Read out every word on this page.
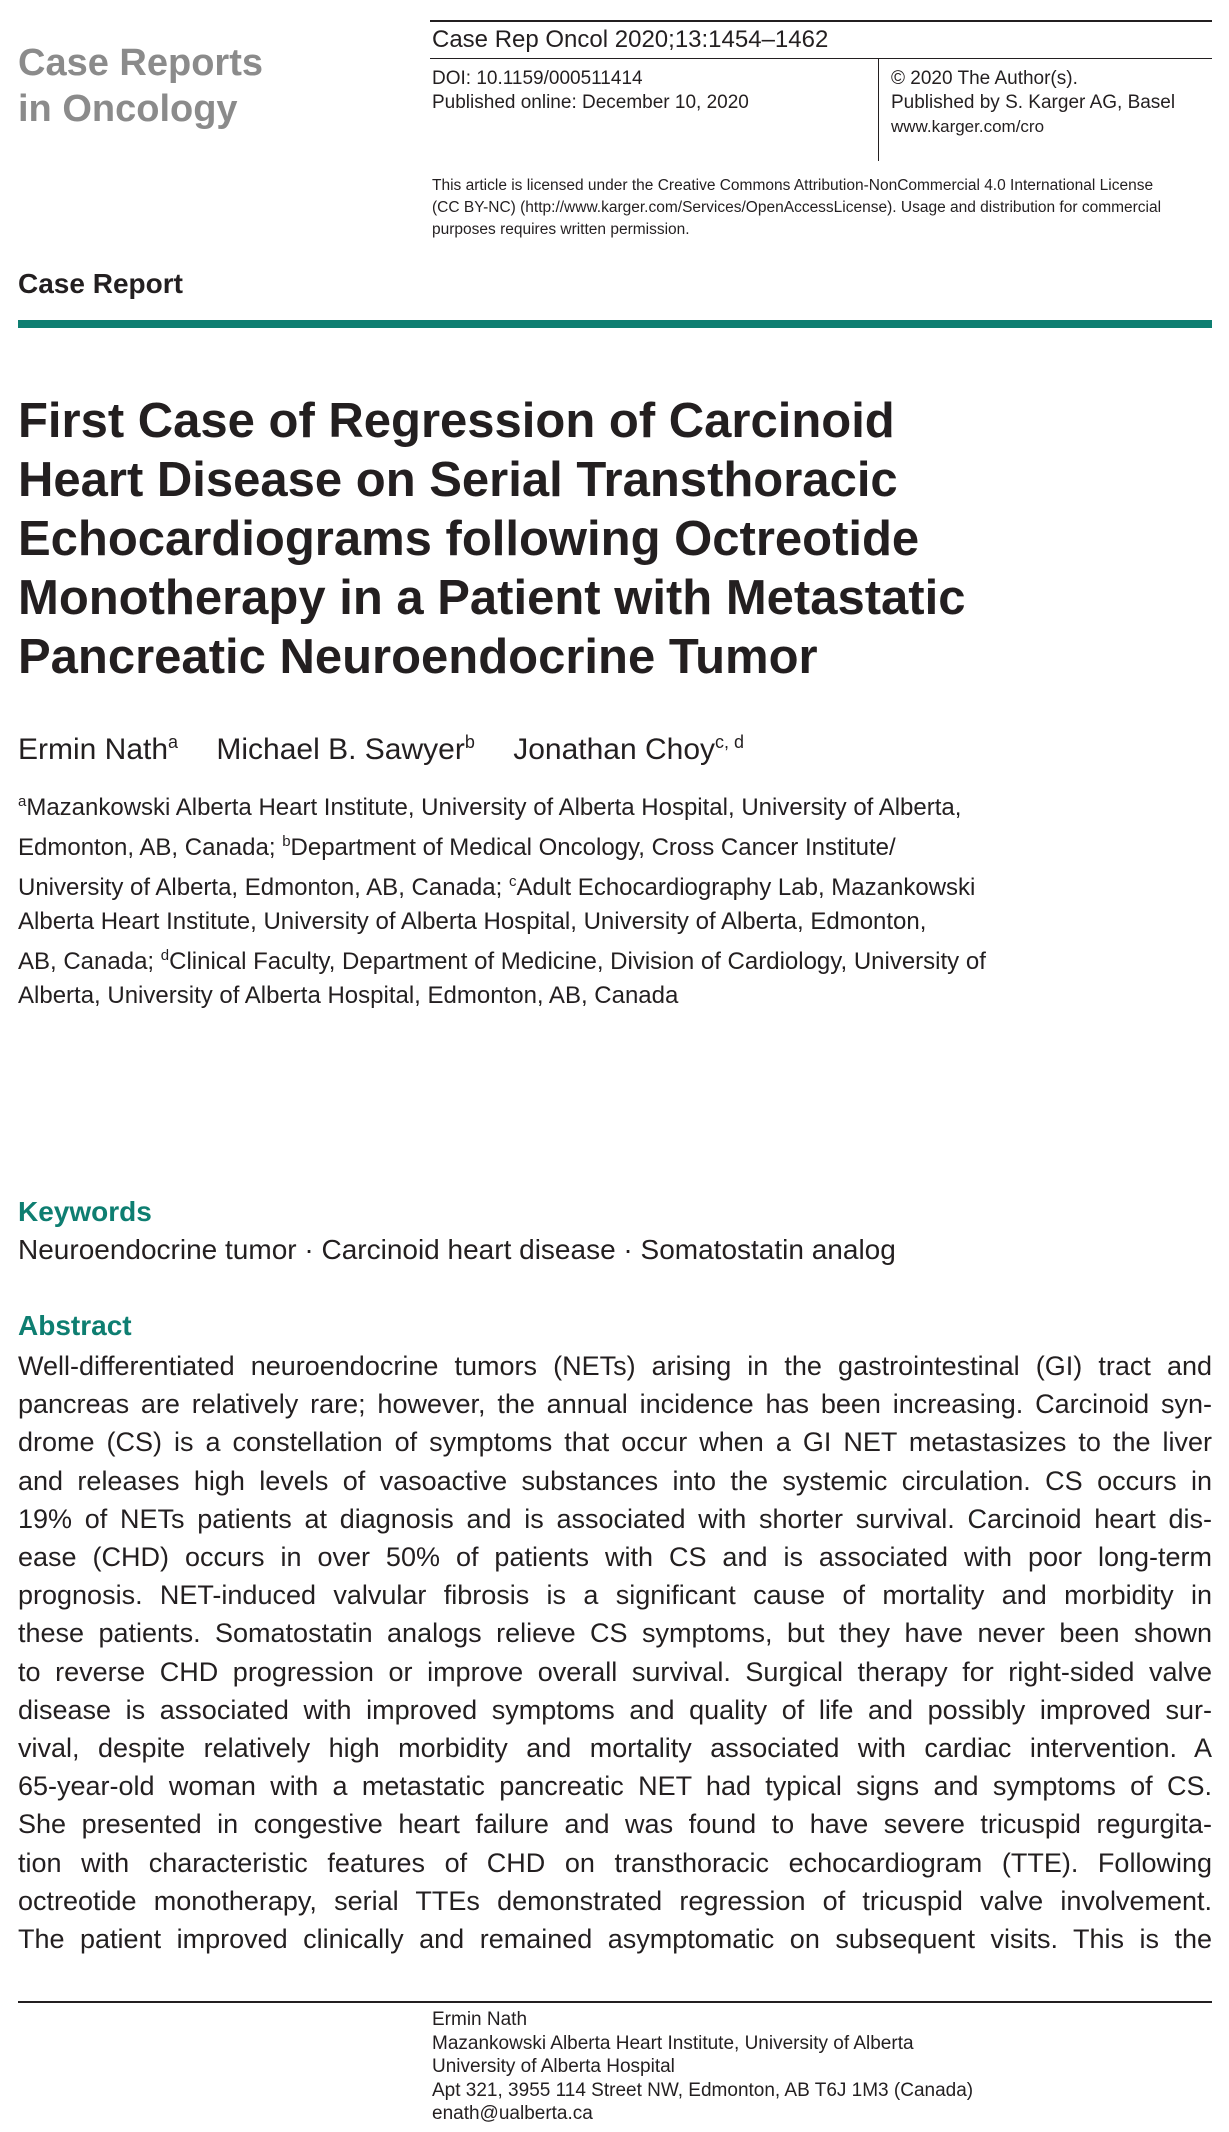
Case Reports
in Oncology
Case Rep Oncol 2020;13:1454–1462
DOI: 10.1159/000511414
Published online: December 10, 2020
© 2020 The Author(s).
Published by S. Karger AG, Basel
www.karger.com/cro
This article is licensed under the Creative Commons Attribution-NonCommercial 4.0 International License
(CC BY-NC) (http://www.karger.com/Services/OpenAccessLicense). Usage and distribution for commercial
purposes requires written permission.
Case Report
First Case of Regression of Carcinoid
Heart Disease on Serial Transthoracic
Echocardiograms following Octreotide
Monotherapy in a Patient with Metastatic
Pancreatic Neuroendocrine Tumor
Ermin Nath$^a$ Michael B. Sawyer$^b$ Jonathan Choy$^{c, d}$
$^a$Mazankowski Alberta Heart Institute, University of Alberta Hospital, University of Alberta,
Edmonton, AB, Canada; $^b$Department of Medical Oncology, Cross Cancer Institute/
University of Alberta, Edmonton, AB, Canada; $^c$Adult Echocardiography Lab, Mazankowski
Alberta Heart Institute, University of Alberta Hospital, University of Alberta, Edmonton,
AB, Canada; $^d$Clinical Faculty, Department of Medicine, Division of Cardiology, University of
Alberta, University of Alberta Hospital, Edmonton, AB, Canada
Keywords
Neuroendocrine tumor · Carcinoid heart disease · Somatostatin analog
Abstract
Well-differentiated neuroendocrine tumors (NETs) arising in the gastrointestinal (GI) tract and
pancreas are relatively rare; however, the annual incidence has been increasing. Carcinoid syn-
drome (CS) is a constellation of symptoms that occur when a GI NET metastasizes to the liver
and releases high levels of vasoactive substances into the systemic circulation. CS occurs in
19% of NETs patients at diagnosis and is associated with shorter survival. Carcinoid heart dis-
ease (CHD) occurs in over 50% of patients with CS and is associated with poor long-term
prognosis. NET-induced valvular fibrosis is a significant cause of mortality and morbidity in
these patients. Somatostatin analogs relieve CS symptoms, but they have never been shown
to reverse CHD progression or improve overall survival. Surgical therapy for right-sided valve
disease is associated with improved symptoms and quality of life and possibly improved sur-
vival, despite relatively high morbidity and mortality associated with cardiac intervention. A
65-year-old woman with a metastatic pancreatic NET had typical signs and symptoms of CS.
She presented in congestive heart failure and was found to have severe tricuspid regurgita-
tion with characteristic features of CHD on transthoracic echocardiogram (TTE). Following
octreotide monotherapy, serial TTEs demonstrated regression of tricuspid valve involvement.
The patient improved clinically and remained asymptomatic on subsequent visits. This is the
Ermin Nath
Mazankowski Alberta Heart Institute, University of Alberta
University of Alberta Hospital
Apt 321, 3955 114 Street NW, Edmonton, AB T6J 1M3 (Canada)
enath@ualberta.ca
